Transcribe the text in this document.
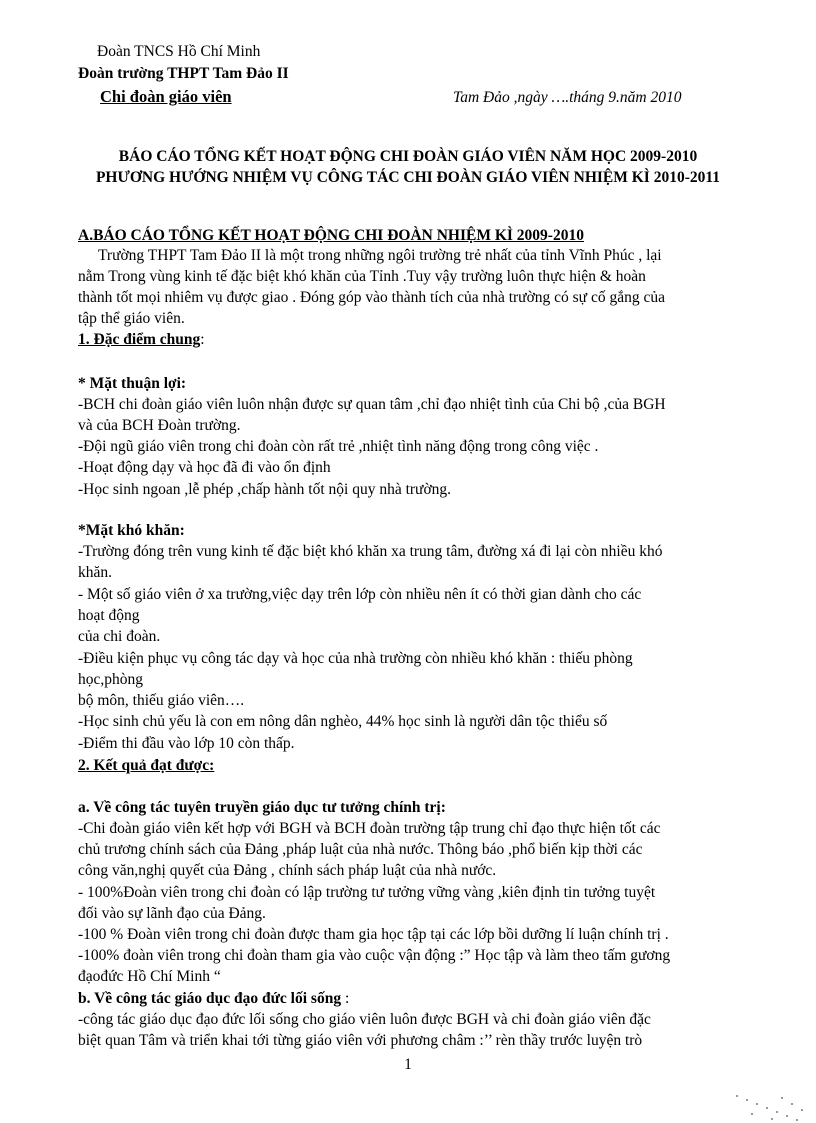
Đoàn TNCS Hồ Chí Minh
Đoàn trường THPT Tam Đảo II
Chi đoàn giáo viên	Tam Đảo ,ngày ….tháng 9.năm 2010
BÁO CÁO TỔNG KẾT HOẠT ĐỘNG CHI ĐOÀN GIÁO VIÊN NĂM HỌC 2009-2010
PHƯƠNG HƯỚNG NHIỆM VỤ CÔNG TÁC CHI ĐOÀN GIÁO VIÊN NHIỆM KÌ 2010-2011
A.BÁO CÁO TỔNG KẾT HOẠT ĐỘNG CHI ĐOÀN NHIỆM KÌ 2009-2010
Trường THPT Tam Đảo II là một trong những ngôi trường trẻ nhất của tỉnh Vĩnh Phúc , lại
nằm Trong vùng kinh tế đặc biệt khó khăn của Tỉnh .Tuy vậy trường luôn thực hiện & hoàn
thành tốt mọi nhiêm vụ được giao . Đóng góp vào thành tích của nhà trường có sự cố gắng của
tập thể giáo viên.
1. Đặc điểm chung:
* Mặt thuận lợi:
-BCH chi đoàn giáo viên luôn nhận được sự quan tâm ,chỉ đạo nhiệt tình của Chi bộ ,của BGH
và của BCH Đoàn trường.
-Đội ngũ giáo viên trong chi đoàn còn rất trẻ ,nhiệt tình năng động trong công việc .
-Hoạt động dạy và học đã đi vào ổn định
-Học sinh ngoan ,lễ phép ,chấp hành tốt nội quy nhà trường.
*Mặt khó khăn:
-Trường đóng trên vung kinh tế đặc biệt khó khăn xa trung tâm, đường xá đi lại còn nhiều khó
khăn.
- Một số giáo viên ở xa trường,việc dạy trên lớp còn nhiều nên ít có thời gian dành cho các
hoạt động
của chi đoàn.
-Điều kiện phục vụ công tác dạy và học của nhà trường còn nhiều khó khăn : thiếu phòng
học,phòng
bộ môn, thiếu giáo viên….
-Học sinh chủ yếu là con em nông dân nghèo, 44% học sinh là người dân tộc thiểu số
-Điểm thi đầu vào lớp 10 còn thấp.
2. Kết quả đạt được:
a. Về công tác tuyên truyền giáo dục tư tưởng chính trị:
-Chi đoàn giáo viên kết hợp với BGH và BCH đoàn trường tập trung chỉ đạo thực hiện tốt các
chủ trương chính sách của Đảng ,pháp luật của nhà nước. Thông báo ,phổ biến kịp thời các
công văn,nghị quyết của Đảng , chính sách pháp luật của nhà nước.
- 100%Đoàn viên trong chi đoàn có lập trường tư tưởng vững vàng ,kiên định tin tưởng tuyệt
đối vào sự lãnh đạo của Đảng.
-100 % Đoàn viên trong chi đoàn được tham gia học tập tại các lớp bồi dưỡng lí luận chính trị .
-100% đoàn viên trong chi đoàn tham gia vào cuộc vận động :” Học tập và làm theo tấm gương
đạođức Hồ Chí Minh “
b. Về công tác giáo dục đạo đức lối sống :
-công tác giáo dục đạo đức lối sống cho giáo viên luôn được BGH và chi đoàn giáo viên đặc
biệt quan Tâm và triển khai tới từng giáo viên với phương châm :’’ rèn thầy trước luyện trò
1
